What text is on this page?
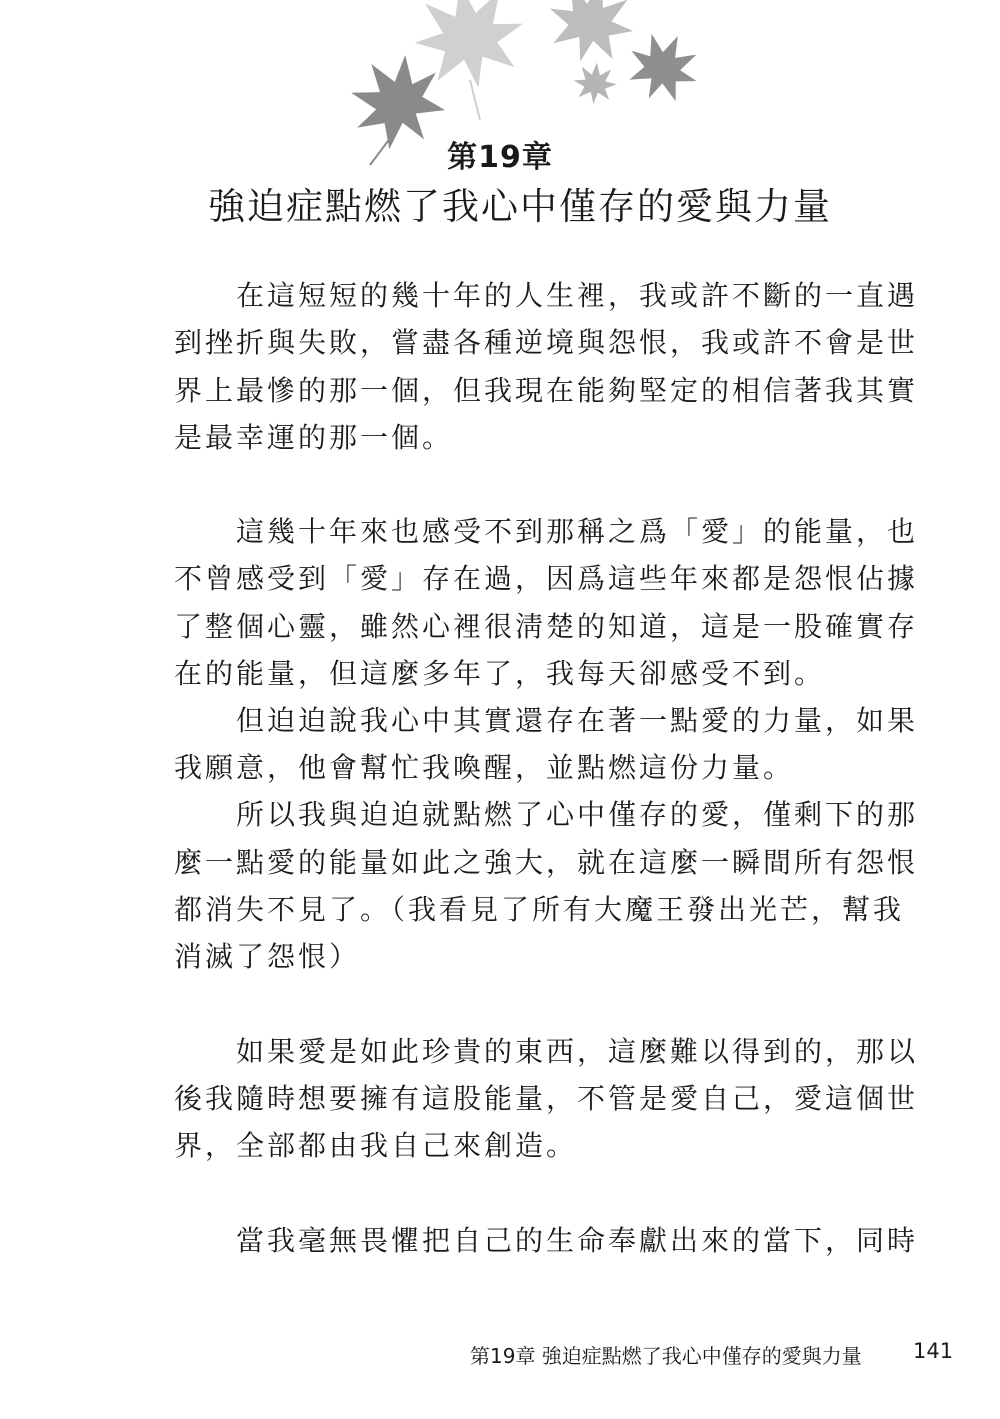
第19章
強迫症點燃了我心中僅存的愛與力量
　　在這短短的幾十年的人生裡，我或許不斷的一直遇
到挫折與失敗，嘗盡各種逆境與怨恨，我或許不會是世
界上最慘的那一個，但我現在能夠堅定的相信著我其實
是最幸運的那一個。
　　這幾十年來也感受不到那稱之爲「愛」的能量，也
不曾感受到「愛」存在過，因爲這些年來都是怨恨佔據
了整個心靈，雖然心裡很淸楚的知道，這是一股確實存
在的能量，但這麼多年了，我每天卻感受不到。
　　但迫迫說我心中其實還存在著一點愛的力量，如果
我願意，他會幫忙我喚醒，並點燃這份力量。
　　所以我與迫迫就點燃了心中僅存的愛，僅剩下的那
麼一點愛的能量如此之強大，就在這麼一瞬間所有怨恨
都消失不見了。（我看見了所有大魔王發出光芒，幫我
消滅了怨恨）
　　如果愛是如此珍貴的東西，這麼難以得到的，那以
後我隨時想要擁有這股能量，不管是愛自己，愛這個世
界，全部都由我自己來創造。
　　當我毫無畏懼把自己的生命奉獻出來的當下，同時
第19章 強迫症點燃了我心中僅存的愛與力量 141
